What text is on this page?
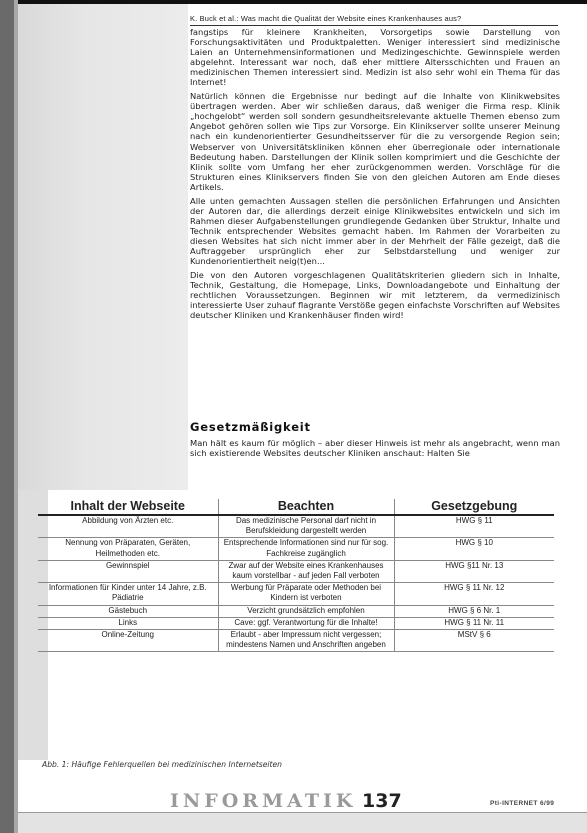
K. Buck et al.: Was macht die Qualität der Website eines Krankenhauses aus?

fangstips für kleinere Krankheiten, Vorsorgetips sowie Darstellung von Forschungsaktivitäten und Produktpaletten. Weniger interessiert sind medizinische Laien an Unternehmensinformationen und Medizingeschichte. Gewinnspiele werden abgelehnt. Interessant war noch, daß eher mittlere Altersschichten und Frauen an medizinischen Themen interessiert sind. Medizin ist also sehr wohl ein Thema für das Internet!

Natürlich können die Ergebnisse nur bedingt auf die Inhalte von Klinikwebsites übertragen werden. Aber wir schließen daraus, daß weniger die Firma resp. Klinik „hochgelobt“ werden soll sondern gesundheitsrelevante aktuelle Themen ebenso zum Angebot gehören sollen wie Tips zur Vorsorge. Ein Klinikserver sollte unserer Meinung nach ein kundenorientierter Gesundheitsserver für die zu versorgende Region sein; Webserver von Universitätskliniken können eher überregionale oder internationale Bedeutung haben. Darstellungen der Klinik sollen komprimiert und die Geschichte der Klinik sollte vom Umfang her eher zurückgenommen werden. Vorschläge für die Strukturen eines Klinikservers finden Sie von den gleichen Autoren am Ende dieses Artikels.

Alle unten gemachten Aussagen stellen die persönlichen Erfahrungen und Ansichten der Autoren dar, die allerdings derzeit einige Klinikwebsites entwickeln und sich im Rahmen dieser Aufgabenstellungen grundlegende Gedanken über Struktur, Inhalte und Technik entsprechender Websites gemacht haben. Im Rahmen der Vorarbeiten zu diesen Websites hat sich nicht immer aber in der Mehrheit der Fälle gezeigt, daß die Auftraggeber ursprünglich eher zur Selbstdarstellung und weniger zur Kundenorientiertheit neig(t)en...

Die von den Autoren vorgeschlagenen Qualitätskriterien gliedern sich in Inhalte, Technik, Gestaltung, die Homepage, Links, Downloadangebote und Einhaltung der rechtlichen Voraussetzungen. Beginnen wir mit letzterem, da vermedizinisch interessierte User zuhauf flagrante Verstöße gegen einfachste Vorschriften auf Websites deutscher Kliniken und Krankenhäuser finden wird!

Gesetzmäßigkeit
Man hält es kaum für möglich – aber dieser Hinweis ist mehr als angebracht, wenn man sich existierende Websites deutscher Kliniken anschaut: Halten Sie
Inhalt der Webseite	Beachten	Gesetzgebung
Abbildung von Ärzten etc.	Das medizinische Personal darf nicht in Berufskleidung dargestellt werden	HWG § 11
Nennung von Präparaten, Geräten, Heilmethoden etc.	Entsprechende Informationen sind nur für sog. Fachkreise zugänglich	HWG § 10
Gewinnspiel	Zwar auf der Website eines Krankenhauses kaum vorstellbar - auf jeden Fall verboten	HWG §11 Nr. 13
Informationen für Kinder unter 14 Jahre, z.B. Pädiatrie	Werbung für Präparate oder Methoden bei Kindern ist verboten	HWG § 11 Nr. 12
Gästebuch	Verzicht grundsätzlich empfohlen	HWG § 6 Nr. 1
Links	Cave: ggf. Verantwortung für die Inhalte!	HWG § 11 Nr. 11
Online-Zeitung	Erlaubt - aber Impressum nicht vergessen; mindestens Namen und Anschriften angeben	MStV § 6
Abb. 1: Häufige Fehlerquellen bei medizinischen Internetseiten
INFORMATIK 137	Pti-INTERNET 6/99
